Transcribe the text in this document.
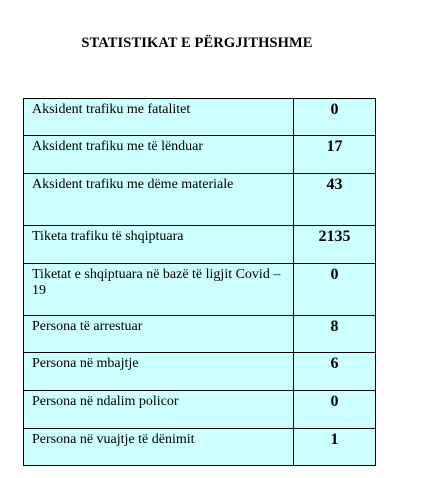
STATISTIKAT E PËRGJITHSHME
Aksident trafiku me fatalitet	0
Aksident trafiku me të lënduar	17
Aksident trafiku me dëme materiale	43
Tiketa trafiku të shqiptuara	2135
Tiketat e shqiptuara në bazë të ligjit Covid – 19	0
Persona të arrestuar	8
Persona në mbajtje	6
Persona në ndalim policor	0
Persona në vuajtje të dënimit	1
